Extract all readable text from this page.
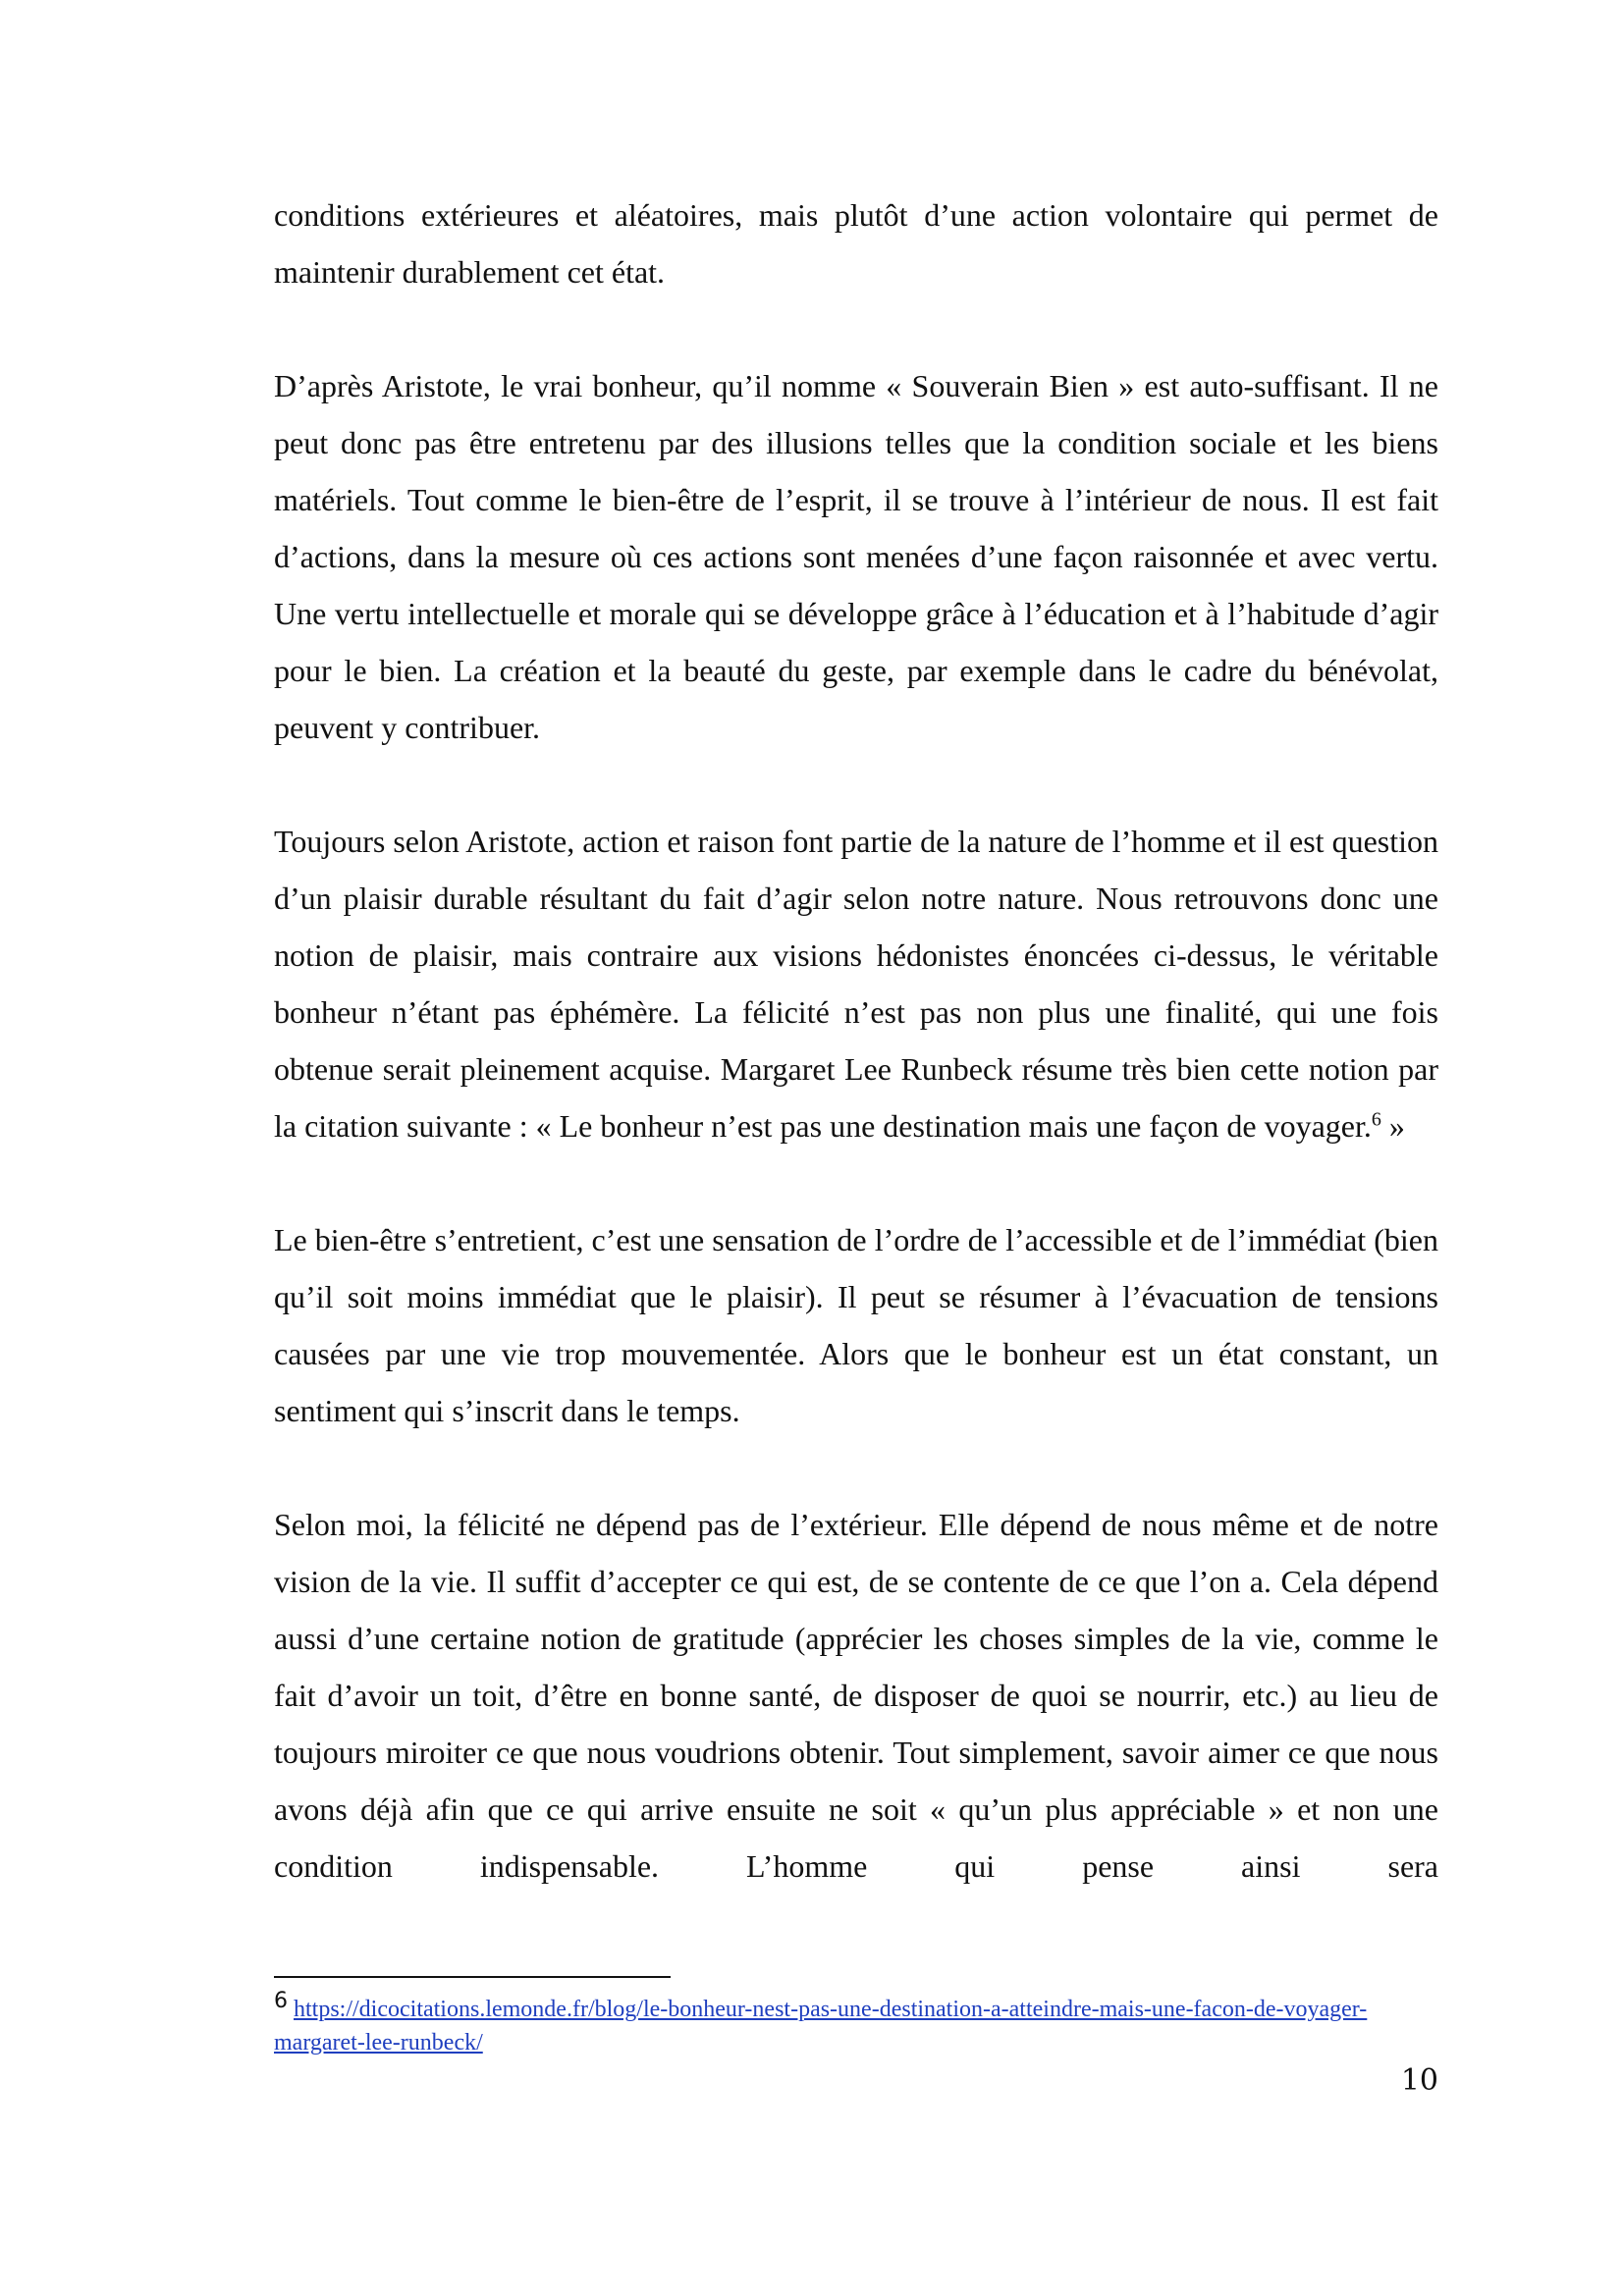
conditions extérieures et aléatoires, mais plutôt d’une action volontaire qui permet de maintenir durablement cet état.

D’après Aristote, le vrai bonheur, qu’il nomme « Souverain Bien » est auto-suffisant. Il ne peut donc pas être entretenu par des illusions telles que la condition sociale et les biens matériels. Tout comme le bien-être de l’esprit, il se trouve à l’intérieur de nous. Il est fait d’actions, dans la mesure où ces actions sont menées d’une façon raisonnée et avec vertu. Une vertu intellectuelle et morale qui se développe grâce à l’éducation et à l’habitude d’agir pour le bien. La création et la beauté du geste, par exemple dans le cadre du bénévolat, peuvent y contribuer.

Toujours selon Aristote, action et raison font partie de la nature de l’homme et il est question d’un plaisir durable résultant du fait d’agir selon notre nature. Nous retrouvons donc une notion de plaisir, mais contraire aux visions hédonistes énoncées ci-dessus, le véritable bonheur n’étant pas éphémère. La félicité n’est pas non plus une finalité, qui une fois obtenue serait pleinement acquise. Margaret Lee Runbeck résume très bien cette notion par la citation suivante : « Le bonheur n’est pas une destination mais une façon de voyager.$^6$ »

Le bien-être s’entretient, c’est une sensation de l’ordre de l’accessible et de l’immédiat (bien qu’il soit moins immédiat que le plaisir). Il peut se résumer à l’évacuation de tensions causées par une vie trop mouvementée. Alors que le bonheur est un état constant, un sentiment qui s’inscrit dans le temps.

Selon moi, la félicité ne dépend pas de l’extérieur. Elle dépend de nous même et de notre vision de la vie. Il suffit d’accepter ce qui est, de se contente de ce que l’on a. Cela dépend aussi d’une certaine notion de gratitude (apprécier les choses simples de la vie, comme le fait d’avoir un toit, d’être en bonne santé, de disposer de quoi se nourrir, etc.) au lieu de toujours miroiter ce que nous voudrions obtenir. Tout simplement, savoir aimer ce que nous avons déjà afin que ce qui arrive ensuite ne soit « qu’un plus appréciable » et non une condition indispensable. L’homme qui pense ainsi sera

6 https://dicocitations.lemonde.fr/blog/le-bonheur-nest-pas-une-destination-a-atteindre-mais-une-facon-de-voyager-margaret-lee-runbeck/
10
